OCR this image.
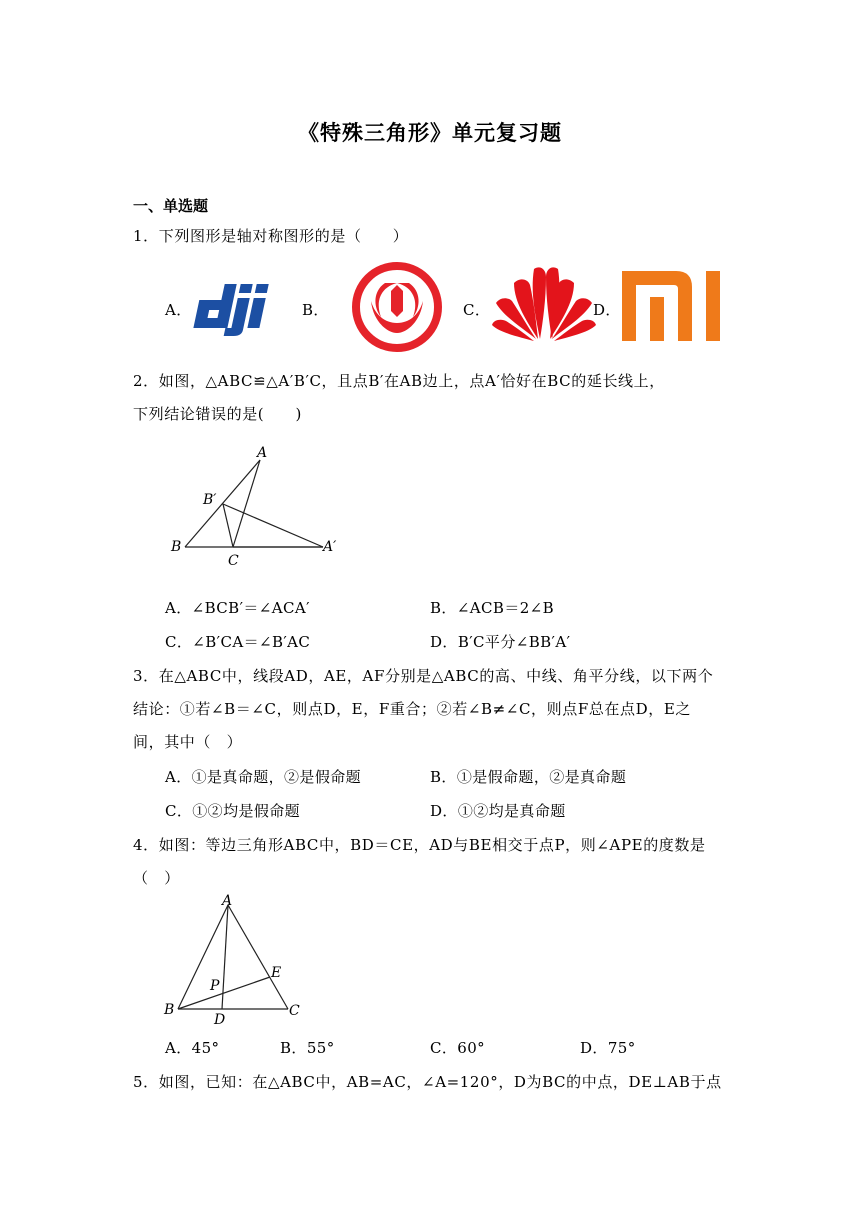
《特殊三角形》单元复习题
一、单选题
1．下列图形是轴对称图形的是（　　）
A．	B．	C．	D．
2．如图，△ABC≌△A′B′C，且点B′在AB边上，点A′恰好在BC的延长线上，
下列结论错误的是(　　)
A
B′
B
C
A′
A．∠BCB′＝∠ACA′	B．∠ACB＝2∠B
C．∠B′CA＝∠B′AC	D．B′C平分∠BB′A′
3．在△ABC中，线段AD，AE，AF分别是△ABC的高、中线、角平分线，以下两个
结论：①若∠B＝∠C，则点D，E，F重合；②若∠B≠∠C，则点F总在点D，E之
间，其中（　）
A．①是真命题，②是假命题	B．①是假命题，②是真命题
C．①②均是假命题	D．①②均是真命题
4．如图：等边三角形ABC中，BD＝CE，AD与BE相交于点P，则∠APE的度数是
（　）
A
E
P
B
D
C
A．45°	B．55°	C．60°	D．75°
5．如图，已知：在△ABC中，AB=AC，∠A=120°，D为BC的中点，DE⊥AB于点
